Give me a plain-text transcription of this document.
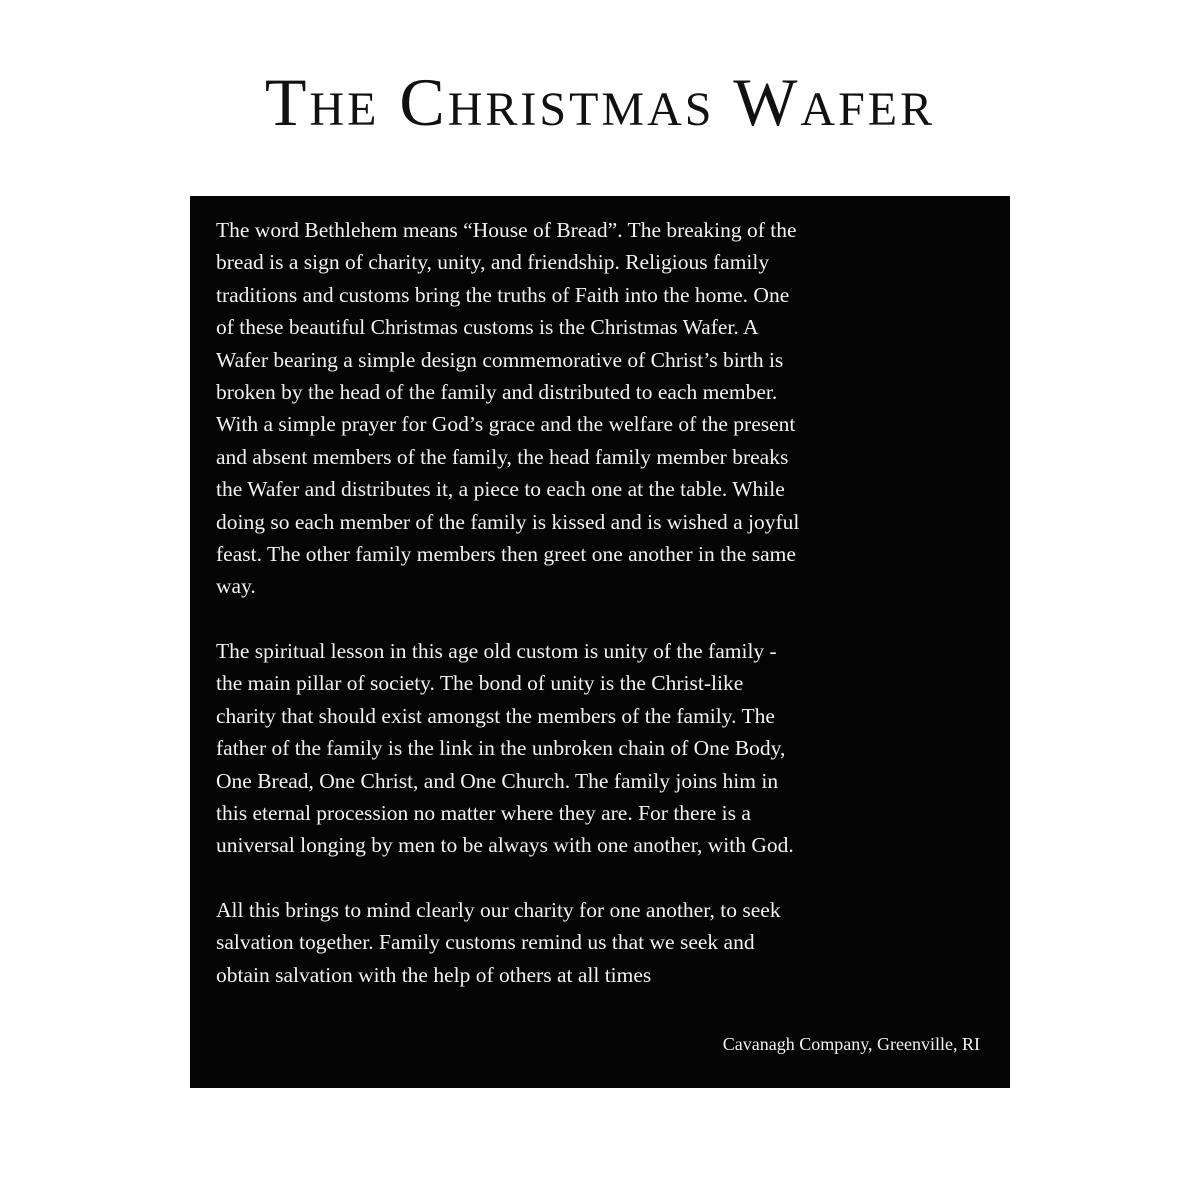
The Christmas Wafer

The word Bethlehem means “House of Bread”. The breaking of the
bread is a sign of charity, unity, and friendship. Religious family
traditions and customs bring the truths of Faith into the home. One
of these beautiful Christmas customs is the Christmas Wafer. A
Wafer bearing a simple design commemorative of Christ’s birth is
broken by the head of the family and distributed to each member.
With a simple prayer for God’s grace and the welfare of the present
and absent members of the family, the head family member breaks
the Wafer and distributes it, a piece to each one at the table. While
doing so each member of the family is kissed and is wished a joyful
feast. The other family members then greet one another in the same
way.

The spiritual lesson in this age old custom is unity of the family -
the main pillar of society. The bond of unity is the Christ-like
charity that should exist amongst the members of the family. The
father of the family is the link in the unbroken chain of One Body,
One Bread, One Christ, and One Church. The family joins him in
this eternal procession no matter where they are. For there is a
universal longing by men to be always with one another, with God.

All this brings to mind clearly our charity for one another, to seek
salvation together. Family customs remind us that we seek and
obtain salvation with the help of others at all times

Cavanagh Company, Greenville, RI
